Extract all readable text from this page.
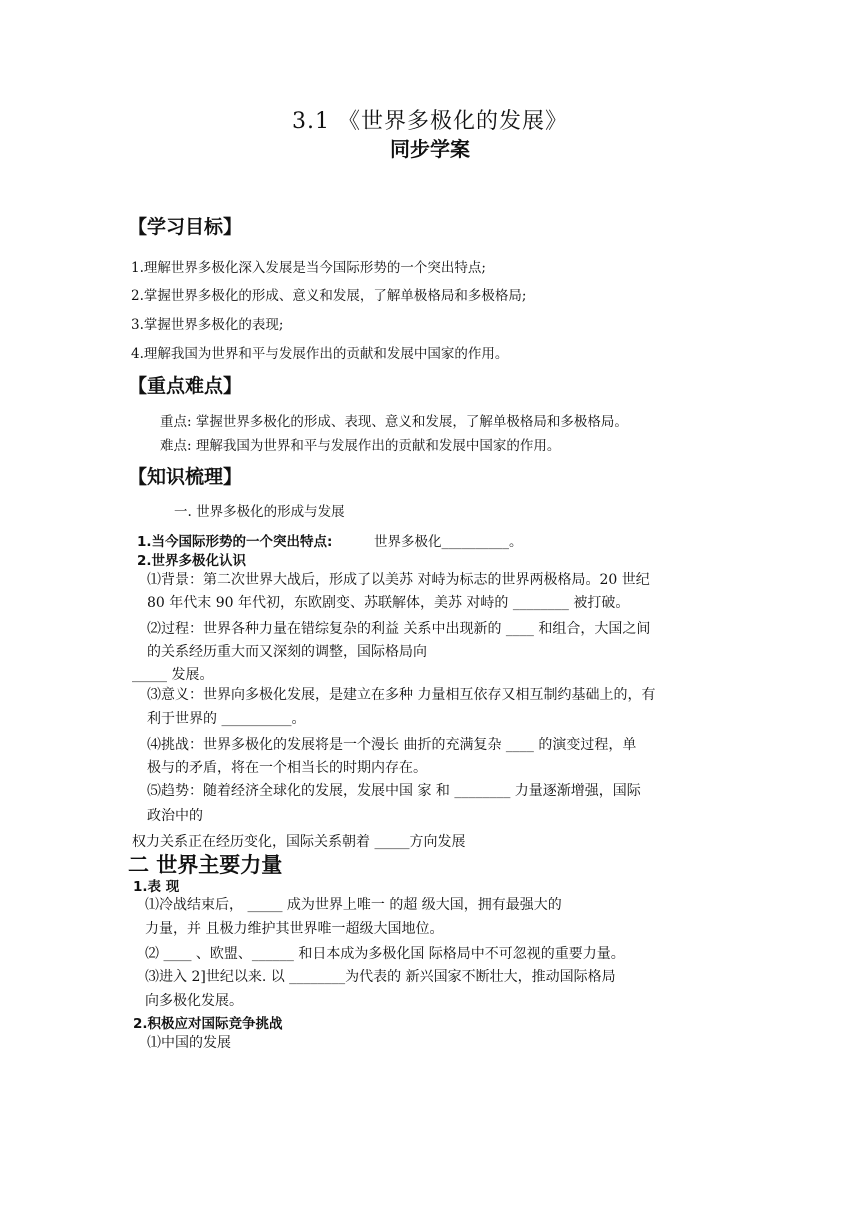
3.1 《世界多极化的发展》
同步学案
【学习目标】
1.理解世界多极化深入发展是当今国际形势的一个突出特点;
2.掌握世界多极化的形成、意义和发展，了解单极格局和多极格局;
3.掌握世界多极化的表现;
4.理解我国为世界和平与发展作出的贡献和发展中国家的作用。
【重点难点】
重点: 掌握世界多极化的形成、表现、意义和发展，了解单极格局和多极格局。
难点: 理解我国为世界和平与发展作出的贡献和发展中国家的作用。
【知识梳理】
一. 世界多极化的形成与发展
1.当今国际形势的一个突出特点:	世界多极化__________。
2.世界多极化认识
⑴背景：第二次世界大战后，形成了以美苏 对峙为标志的世界两极格局。20 世纪
80 年代末 90 年代初，东欧剧变、苏联解体，美苏 对峙的 ________ 被打破。
⑵过程：世界各种力量在错综复杂的利益 关系中出现新的 ____ 和组合，大国之间
的关系经历重大而又深刻的调整，国际格局向
_____ 发展。
⑶意义：世界向多极化发展，是建立在多种 力量相互依存又相互制约基础上的，有
利于世界的 __________。
⑷挑战：世界多极化的发展将是一个漫长 曲折的充满复杂 ____ 的演变过程，单
极与的矛盾，将在一个相当长的时期内存在。
⑸趋势：随着经济全球化的发展，发展中国 家 和 ________ 力量逐渐增强，国际
政治中的
权力关系正在经历变化，国际关系朝着 _____方向发展
二 世界主要力量
1.表 现
⑴冷战结束后， _____ 成为世界上唯一 的超 级大国，拥有最强大的
力量，并 且极力维护其世界唯一超级大国地位。
⑵ ____ 、欧盟、______ 和日本成为多极化国 际格局中不可忽视的重要力量。
⑶进入 2]世纪以来. 以 ________为代表的 新兴国家不断壮大，推动国际格局
向多极化发展。
2.积极应对国际竞争挑战
⑴中国的发展
